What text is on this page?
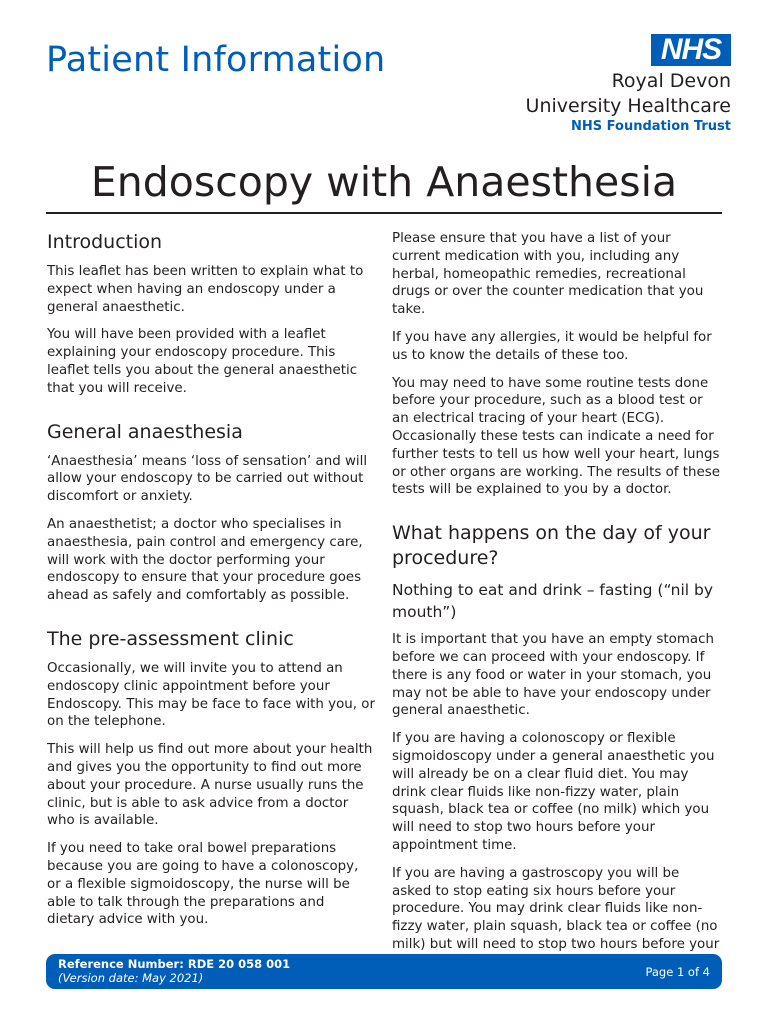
Patient Information	NHS
Royal Devon
University Healthcare
NHS Foundation Trust
Endoscopy with Anaesthesia
Introduction

This leaflet has been written to explain what to expect when having an endoscopy under a general anaesthetic.

You will have been provided with a leaflet explaining your endoscopy procedure. This leaflet tells you about the general anaesthetic that you will receive.

General anaesthesia

‘Anaesthesia’ means ‘loss of sensation’ and will allow your endoscopy to be carried out without discomfort or anxiety.

An anaesthetist; a doctor who specialises in anaesthesia, pain control and emergency care, will work with the doctor performing your endoscopy to ensure that your procedure goes ahead as safely and comfortably as possible.

The pre-assessment clinic

Occasionally, we will invite you to attend an endoscopy clinic appointment before your Endoscopy. This may be face to face with you, or on the telephone.

This will help us find out more about your health and gives you the opportunity to find out more about your procedure. A nurse usually runs the clinic, but is able to ask advice from a doctor who is available.

If you need to take oral bowel preparations because you are going to have a colonoscopy, or a flexible sigmoidoscopy, the nurse will be able to talk through the preparations and dietary advice with you.

Please ensure that you have a list of your current medication with you, including any herbal, homeopathic remedies, recreational drugs or over the counter medication that you take.

If you have any allergies, it would be helpful for us to know the details of these too.

You may need to have some routine tests done before your procedure, such as a blood test or an electrical tracing of your heart (ECG). Occasionally these tests can indicate a need for further tests to tell us how well your heart, lungs or other organs are working. The results of these tests will be explained to you by a doctor.

What happens on the day of your procedure?
Nothing to eat and drink – fasting (“nil by mouth”)

It is important that you have an empty stomach before we can proceed with your endoscopy. If there is any food or water in your stomach, you may not be able to have your endoscopy under general anaesthetic.

If you are having a colonoscopy or flexible sigmoidoscopy under a general anaesthetic you will already be on a clear fluid diet. You may drink clear fluids like non-fizzy water, plain squash, black tea or coffee (no milk) which you will need to stop two hours before your appointment time.

If you are having a gastroscopy you will be asked to stop eating six hours before your procedure. You may drink clear fluids like non-fizzy water, plain squash, black tea or coffee (no milk) but will need to stop two hours before your

Reference Number: RDE 20 058 001
(Version date: May 2021)	Page 1 of 4
